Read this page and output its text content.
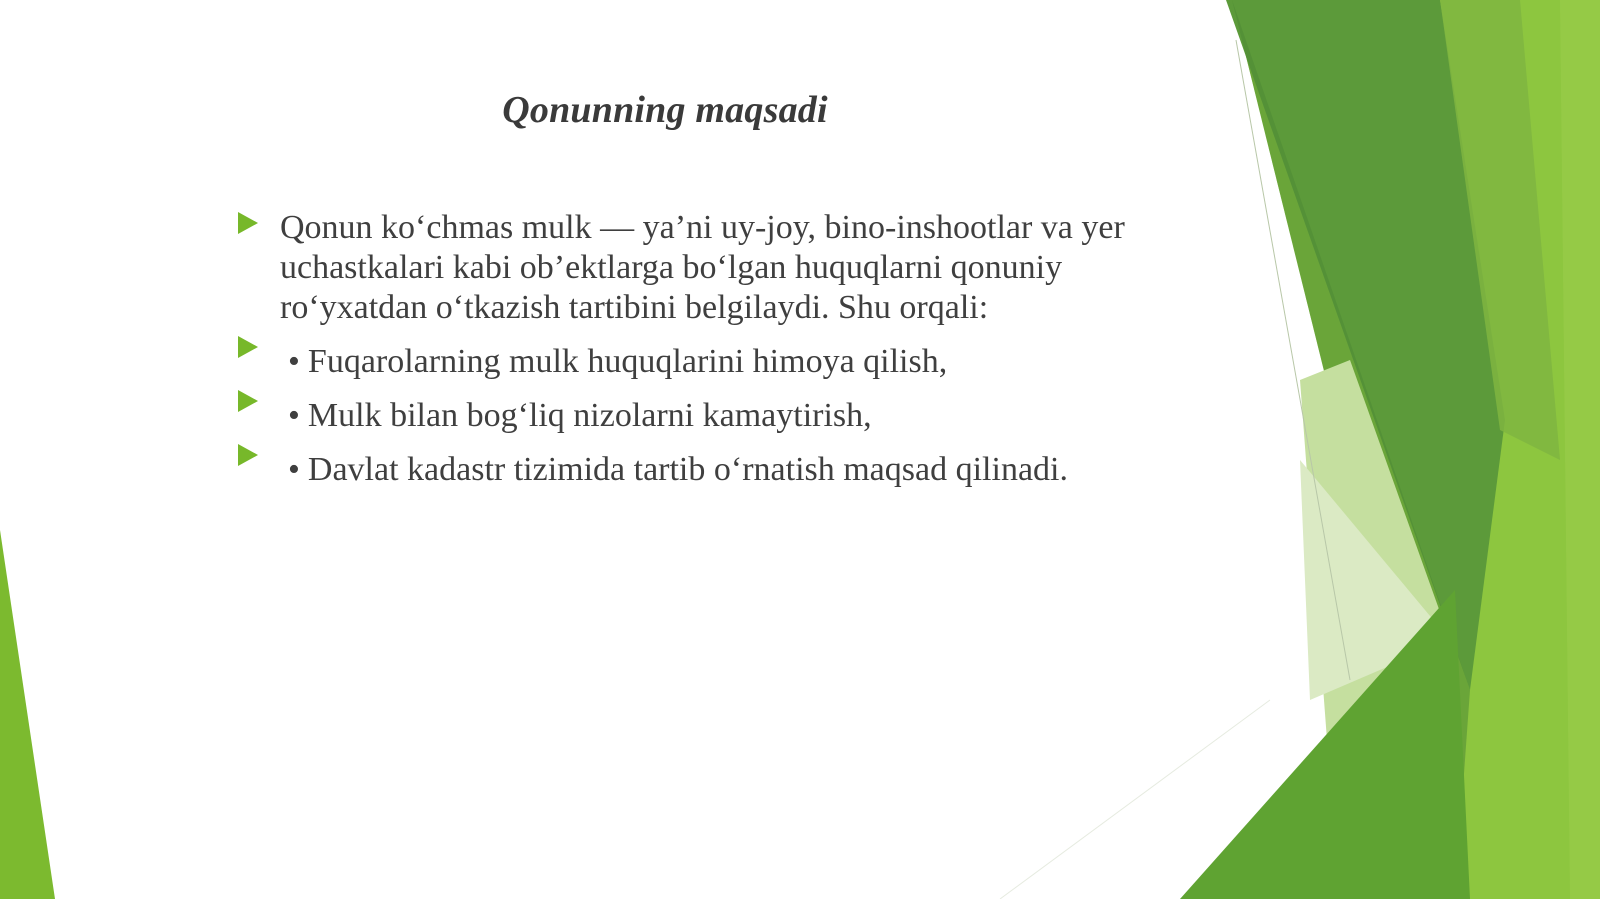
Qonunning maqsadi
Qonun ko‘chmas mulk — ya’ni uy-joy, bino-inshootlar va yer uchastkalari kabi ob’ektlarga bo‘lgan huquqlarni qonuniy ro‘yxatdan o‘tkazish tartibini belgilaydi. Shu orqali:
• Fuqarolarning mulk huquqlarini himoya qilish,
• Mulk bilan bog‘liq nizolarni kamaytirish,
• Davlat kadastr tizimida tartib o‘rnatish maqsad qilinadi.
